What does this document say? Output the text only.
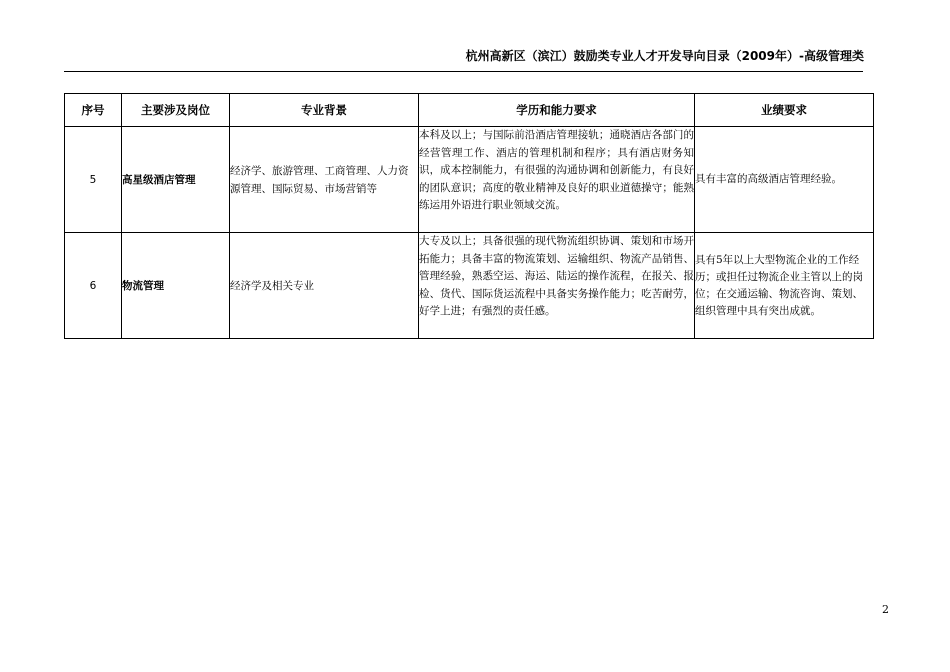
杭州高新区（滨江）鼓励类专业人才开发导向目录（2009年）-高级管理类
序号	主要涉及岗位	专业背景	学历和能力要求	业绩要求
5	高星级酒店管理	经济学、旅游管理、工商管理、人力资源管理、国际贸易、市场营销等	本科及以上；与国际前沿酒店管理接轨；通晓酒店各部门的经营管理工作、酒店的管理机制和程序；具有酒店财务知识，成本控制能力，有很强的沟通协调和创新能力，有良好的团队意识；高度的敬业精神及良好的职业道德操守；能熟练运用外语进行职业领域交流。	具有丰富的高级酒店管理经验。
6	物流管理	经济学及相关专业	大专及以上；具备很强的现代物流组织协调、策划和市场开拓能力；具备丰富的物流策划、运输组织、物流产品销售、管理经验，熟悉空运、海运、陆运的操作流程，在报关、报检、货代、国际货运流程中具备实务操作能力；吃苦耐劳，好学上进；有强烈的责任感。	具有5年以上大型物流企业的工作经历；或担任过物流企业主管以上的岗位；在交通运输、物流咨询、策划、组织管理中具有突出成就。
2
